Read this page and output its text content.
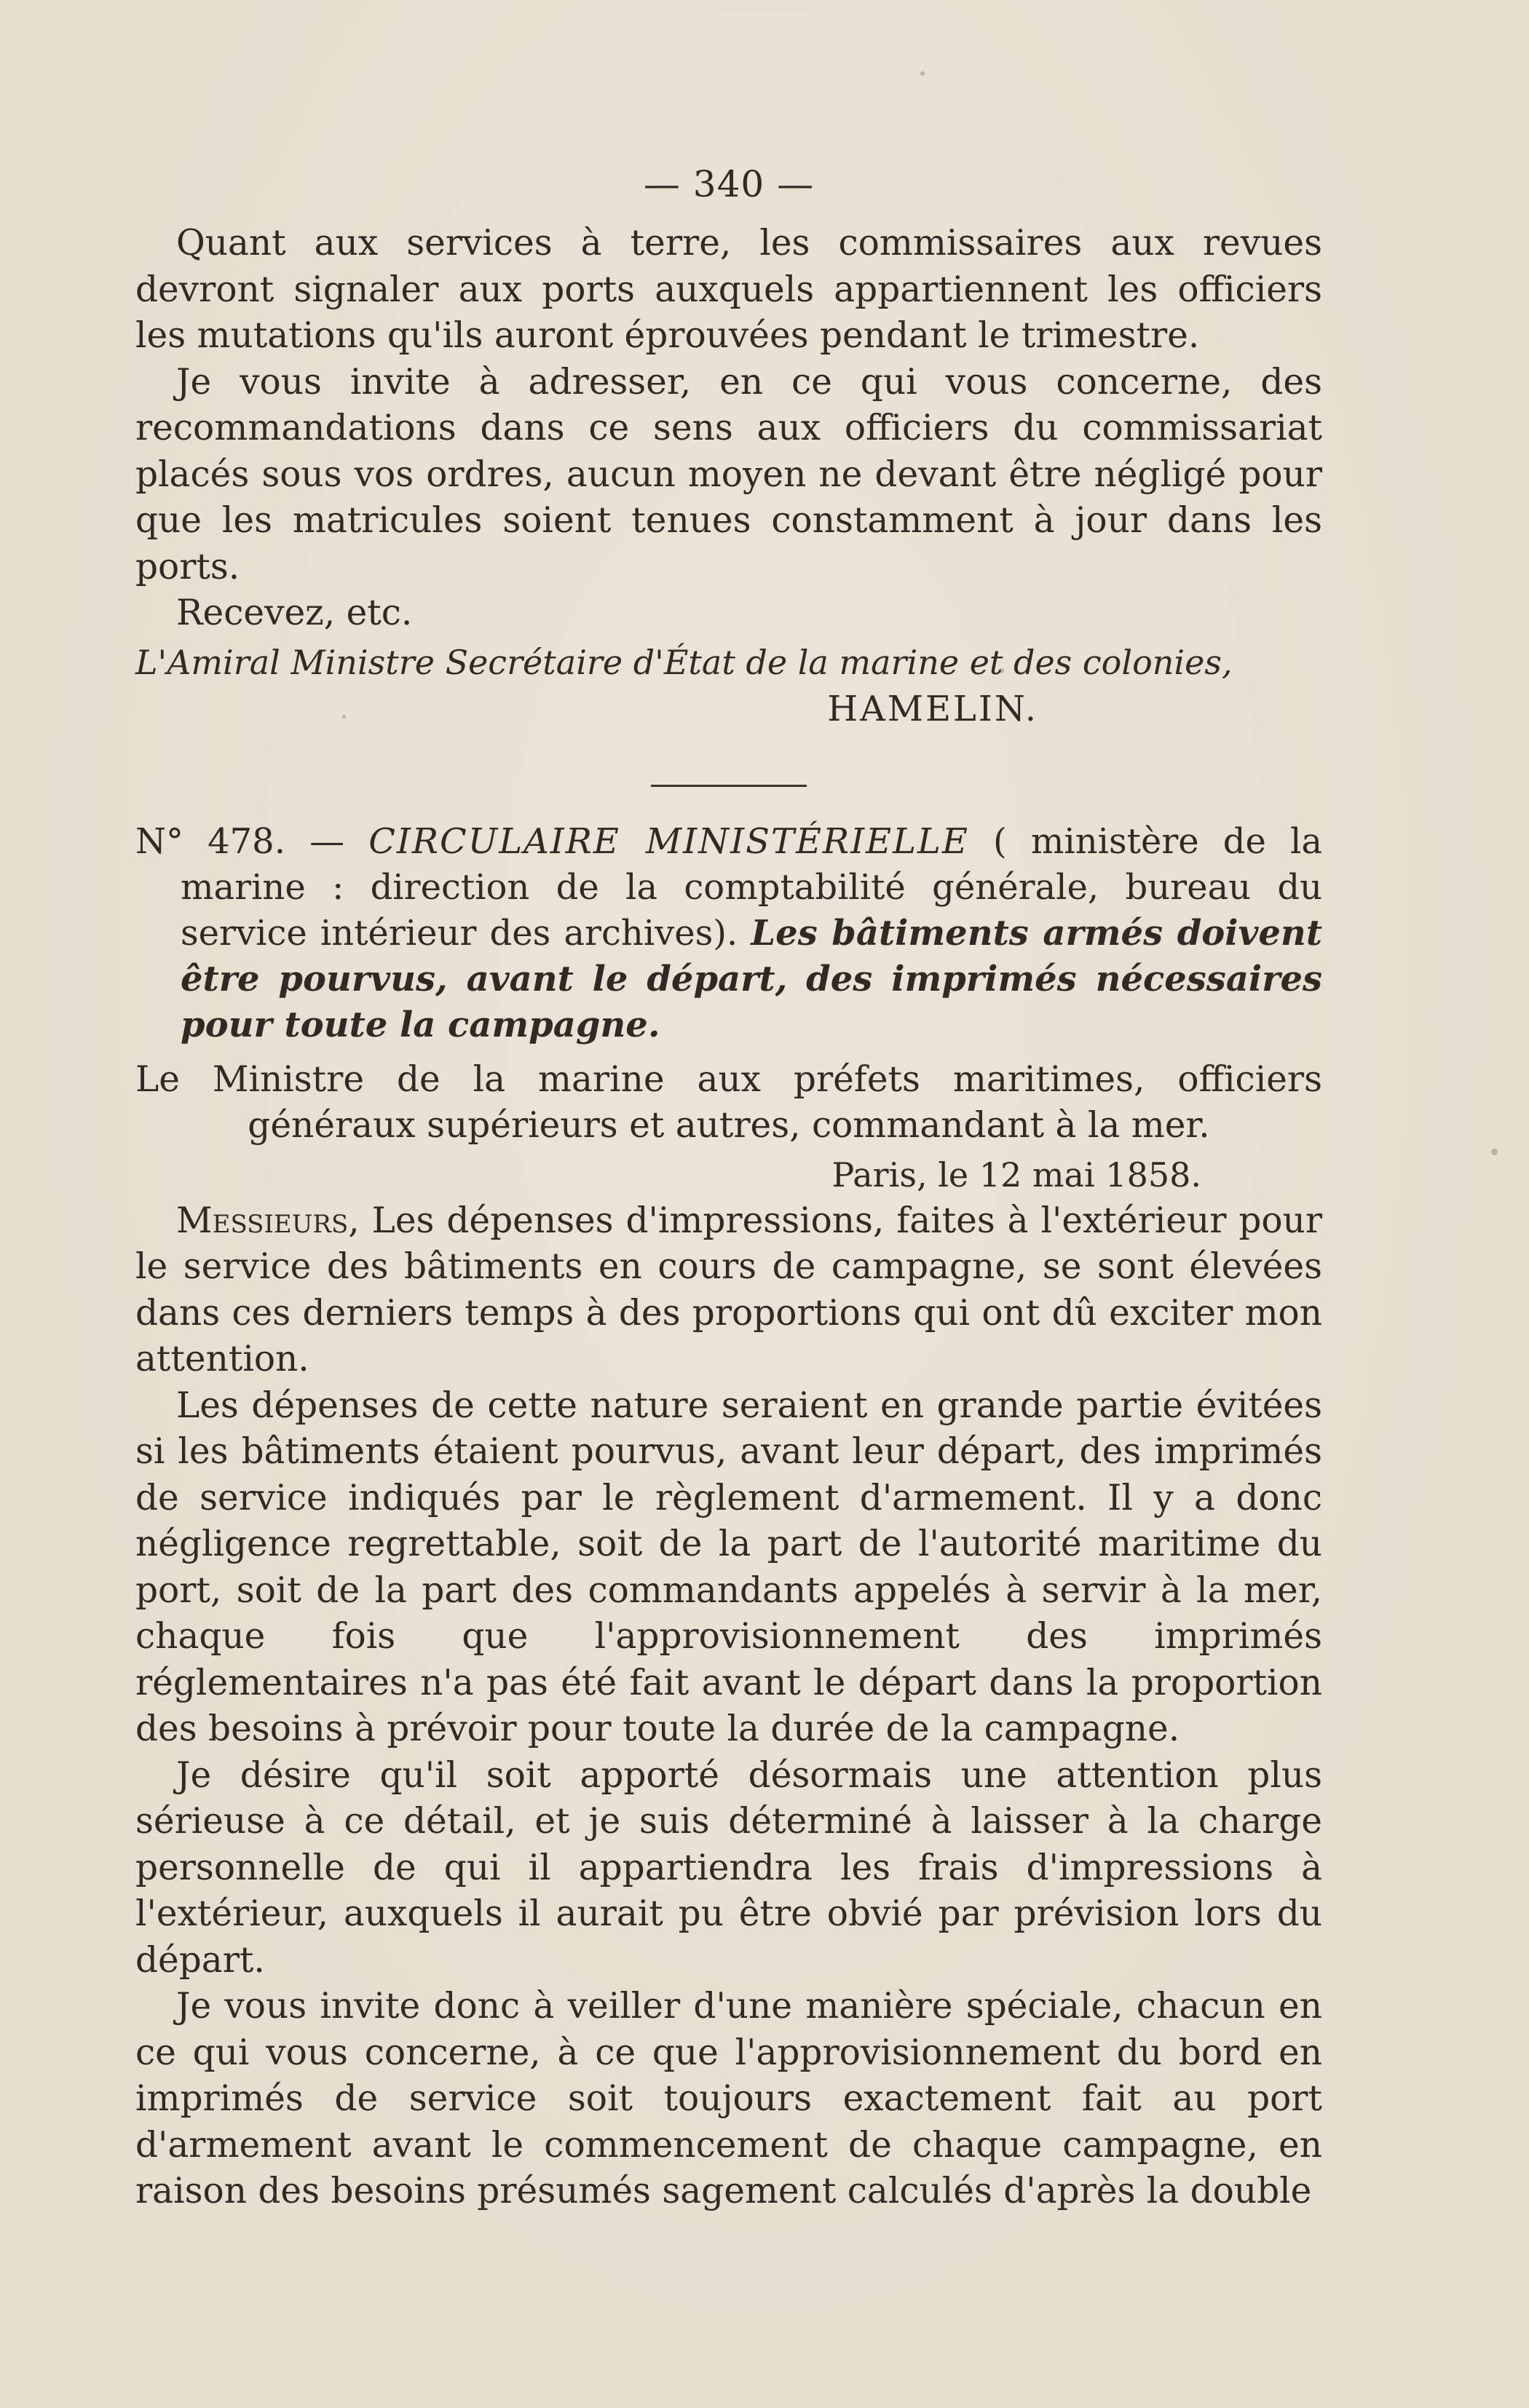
— 340 —

Quant aux services à terre, les commissaires aux revues devront signaler aux ports auxquels appartiennent les officiers les mutations qu'ils auront éprouvées pendant le trimestre.

Je vous invite à adresser, en ce qui vous concerne, des recommandations dans ce sens aux officiers du commissariat placés sous vos ordres, aucun moyen ne devant être négligé pour que les matricules soient tenues constamment à jour dans les ports.

Recevez, etc.

L'Amiral Ministre Secrétaire d'État de la marine et des colonies,
HAMELIN.
N° 478. — CIRCULAIRE MINISTÉRIELLE ( ministère de la marine : direction de la comptabilité générale, bureau du service intérieur des archives). Les bâtiments armés doivent être pourvus, avant le départ, des imprimés nécessaires pour toute la campagne.
Le Ministre de la marine aux préfets maritimes, officiers généraux supérieurs et autres, commandant à la mer.
Paris, le 12 mai 1858.

Messieurs, Les dépenses d'impressions, faites à l'extérieur pour le service des bâtiments en cours de campagne, se sont élevées dans ces derniers temps à des proportions qui ont dû exciter mon attention.

Les dépenses de cette nature seraient en grande partie évitées si les bâtiments étaient pourvus, avant leur départ, des imprimés de service indiqués par le règlement d'armement. Il y a donc négligence regrettable, soit de la part de l'autorité maritime du port, soit de la part des commandants appelés à servir à la mer, chaque fois que l'approvisionnement des imprimés réglementaires n'a pas été fait avant le départ dans la proportion des besoins à prévoir pour toute la durée de la campagne.

Je désire qu'il soit apporté désormais une attention plus sérieuse à ce détail, et je suis déterminé à laisser à la charge personnelle de qui il appartiendra les frais d'impressions à l'extérieur, auxquels il aurait pu être obvié par prévision lors du départ.

Je vous invite donc à veiller d'une manière spéciale, chacun en ce qui vous concerne, à ce que l'approvisionnement du bord en imprimés de service soit toujours exactement fait au port d'armement avant le commencement de chaque campagne, en raison des besoins présumés sagement calculés d'après la double
